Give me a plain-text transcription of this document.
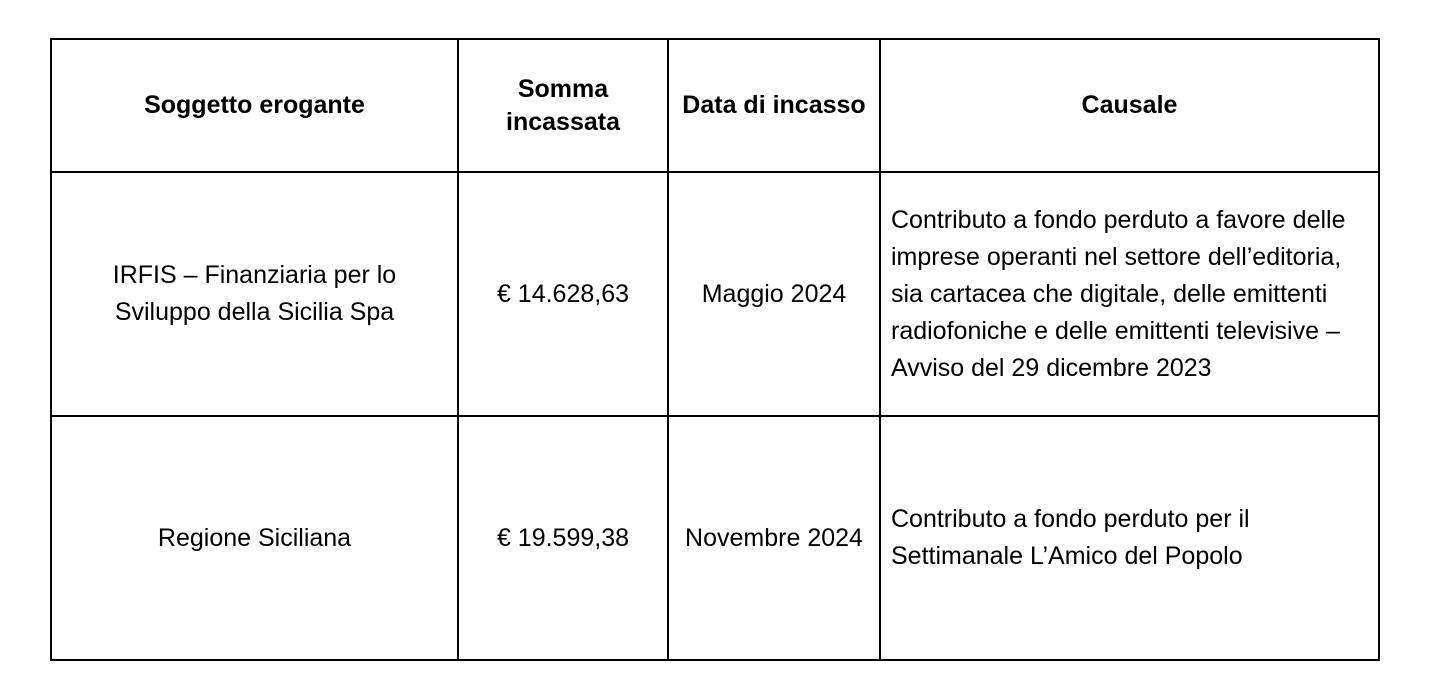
Soggetto erogante	Somma incassata	Data di incasso	Causale
IRFIS – Finanziaria per lo Sviluppo della Sicilia Spa	€ 14.628,63	Maggio 2024	Contributo a fondo perduto a favore delle imprese operanti nel settore dell’editoria, sia cartacea che digitale, delle emittenti radiofoniche e delle emittenti televisive – Avviso del 29 dicembre 2023
Regione Siciliana	€ 19.599,38	Novembre 2024	Contributo a fondo perduto per il Settimanale L’Amico del Popolo
